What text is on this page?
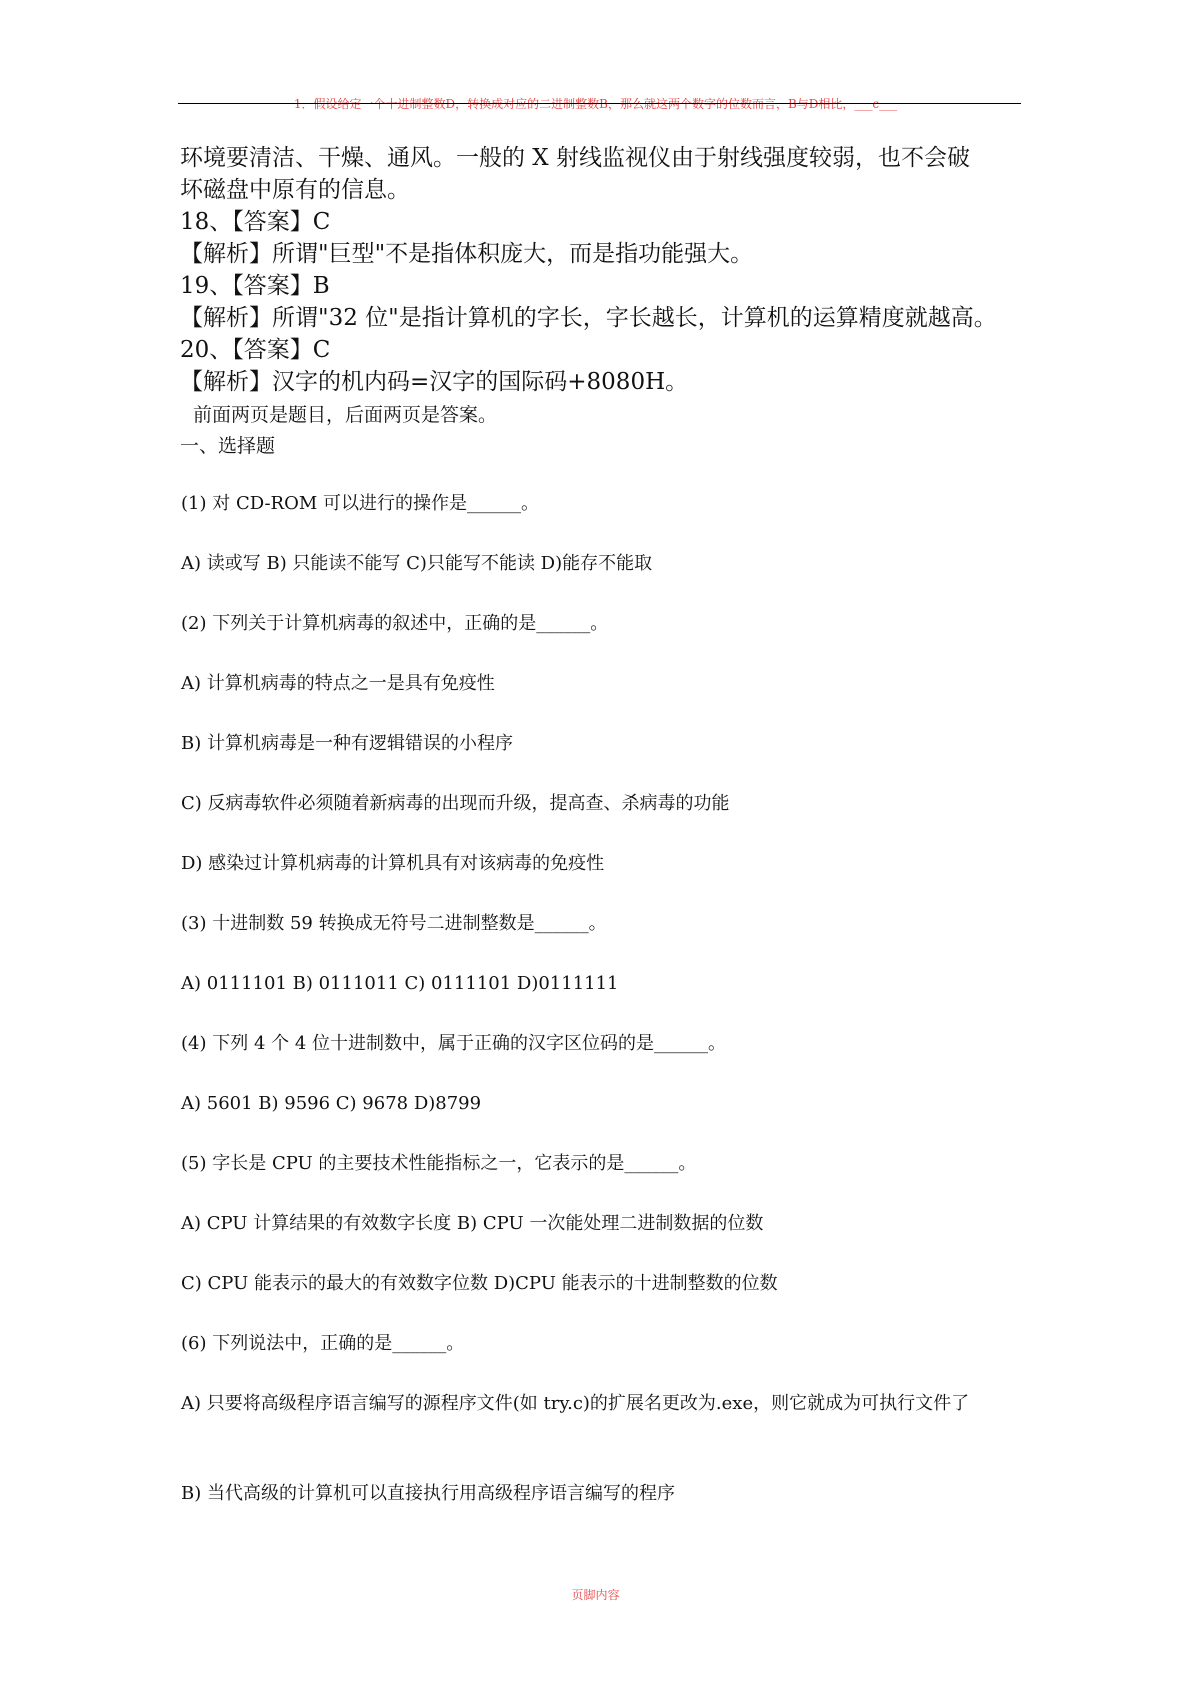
1．假设给定一个十进制整数D，转换成对应的二进制整数B，那么就这两个数字的位数而言，B与D相比，___c___
环境要清洁、干燥、通风。一般的 X 射线监视仪由于射线强度较弱，也不会破
坏磁盘中原有的信息。
18、【答案】C
【解析】所谓"巨型"不是指体积庞大，而是指功能强大。
19、【答案】B
【解析】所谓"32 位"是指计算机的字长，字长越长，计算机的运算精度就越高。
20、【答案】C
【解析】汉字的机内码=汉字的国际码+8080H。
前面两页是题目，后面两页是答案。
一、选择题
(1) 对 CD-ROM 可以进行的操作是______。
A) 读或写 B) 只能读不能写 C)只能写不能读 D)能存不能取
(2) 下列关于计算机病毒的叙述中，正确的是______。
A) 计算机病毒的特点之一是具有免疫性
B) 计算机病毒是一种有逻辑错误的小程序
C) 反病毒软件必须随着新病毒的出现而升级，提高查、杀病毒的功能
D) 感染过计算机病毒的计算机具有对该病毒的免疫性
(3) 十进制数 59 转换成无符号二进制整数是______。
A) 0111101 B) 0111011 C) 0111101 D)0111111
(4) 下列 4 个 4 位十进制数中，属于正确的汉字区位码的是______。
A) 5601 B) 9596 C) 9678 D)8799
(5) 字长是 CPU 的主要技术性能指标之一，它表示的是______。
A) CPU 计算结果的有效数字长度 B) CPU 一次能处理二进制数据的位数
C) CPU 能表示的最大的有效数字位数 D)CPU 能表示的十进制整数的位数
(6) 下列说法中，正确的是______。
A) 只要将高级程序语言编写的源程序文件(如 try.c)的扩展名更改为.exe，则它就成为可执行文件了
B) 当代高级的计算机可以直接执行用高级程序语言编写的程序
页脚内容
